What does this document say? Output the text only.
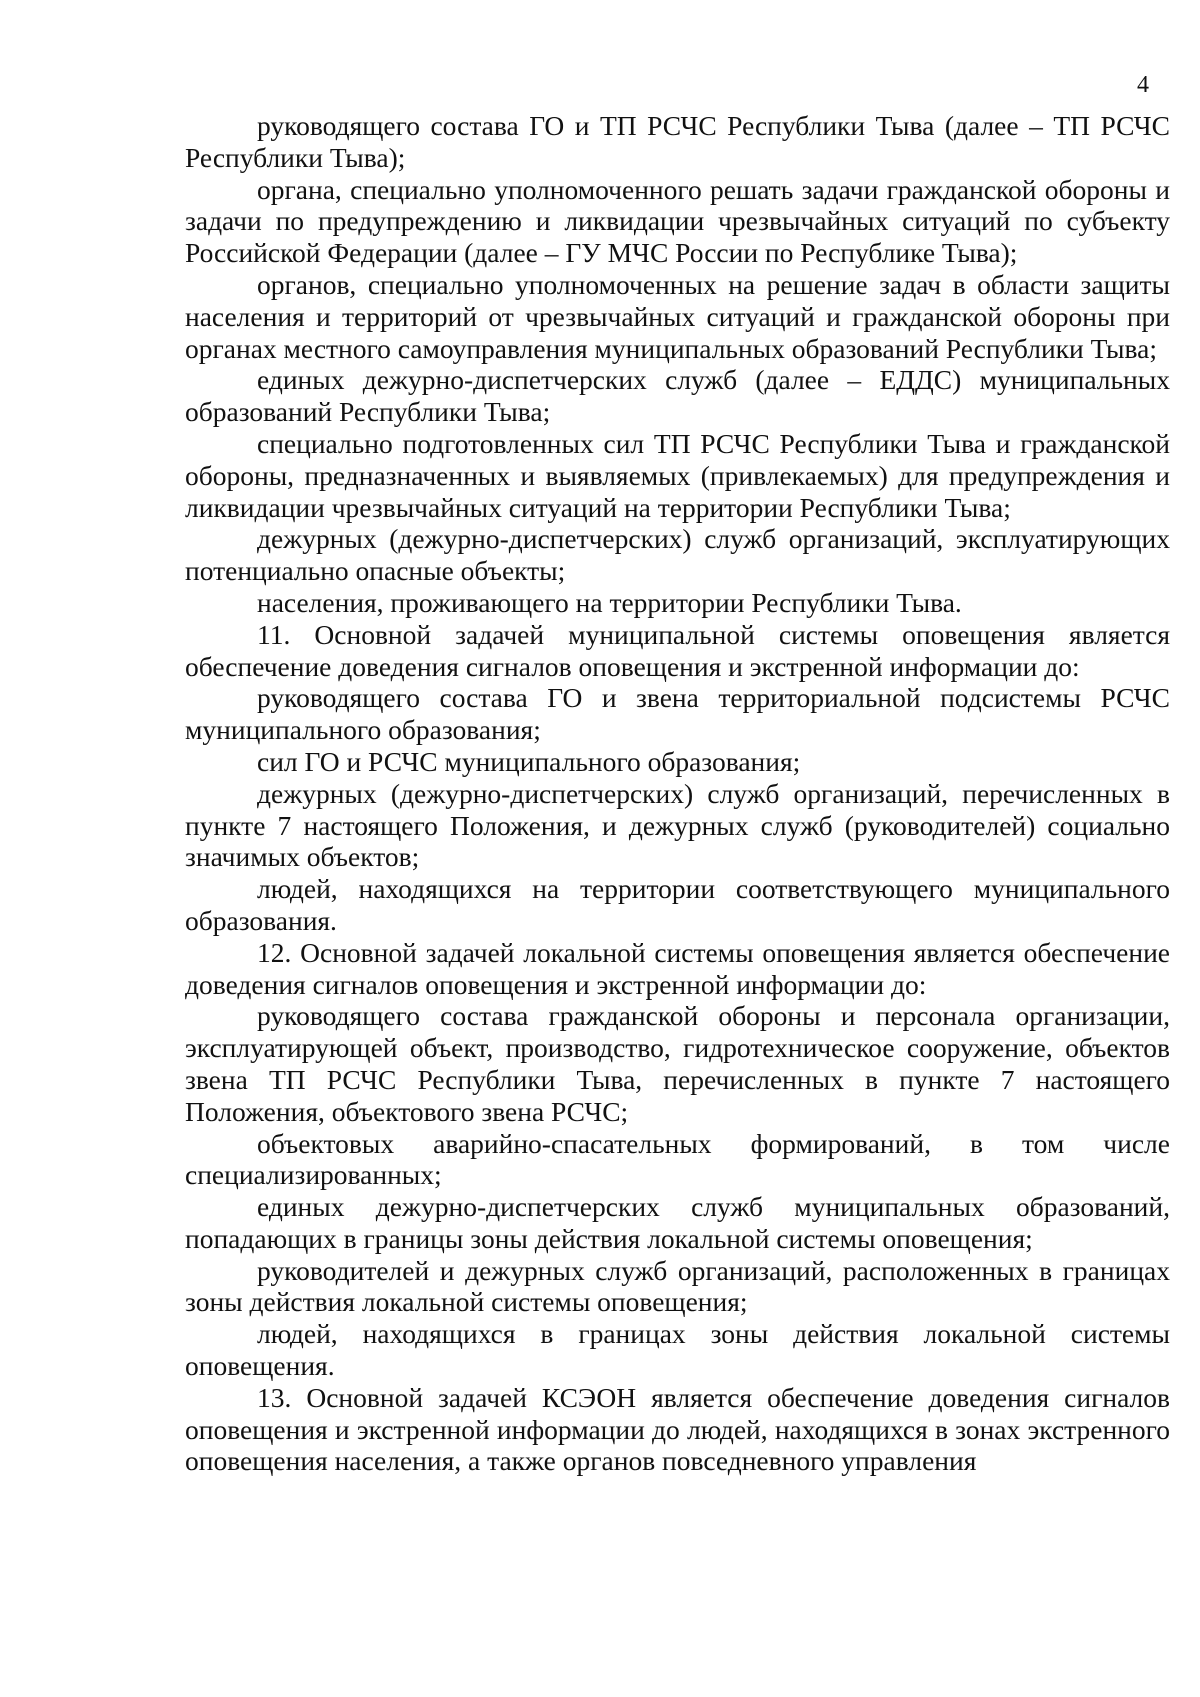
4

руководящего состава ГО и ТП РСЧС Республики Тыва (далее – ТП РСЧС Республики Тыва);

органа, специально уполномоченного решать задачи гражданской обороны и задачи по предупреждению и ликвидации чрезвычайных ситуаций по субъекту Российской Федерации (далее – ГУ МЧС России по Республике Тыва);

органов, специально уполномоченных на решение задач в области защиты населения и территорий от чрезвычайных ситуаций и гражданской обороны при органах местного самоуправления муниципальных образований Республики Тыва;

единых дежурно-диспетчерских служб (далее – ЕДДС) муниципальных образований Республики Тыва;

специально подготовленных сил ТП РСЧС Республики Тыва и гражданской обороны, предназначенных и выявляемых (привлекаемых) для предупреждения и ликвидации чрезвычайных ситуаций на территории Республики Тыва;

дежурных (дежурно-диспетчерских) служб организаций, эксплуатирующих потенциально опасные объекты;

населения, проживающего на территории Республики Тыва.

11. Основной задачей муниципальной системы оповещения является обеспечение доведения сигналов оповещения и экстренной информации до:

руководящего состава ГО и звена территориальной подсистемы РСЧС муниципального образования;

сил ГО и РСЧС муниципального образования;

дежурных (дежурно-диспетчерских) служб организаций, перечисленных в пункте 7 настоящего Положения, и дежурных служб (руководителей) социально значимых объектов;

людей, находящихся на территории соответствующего муниципального образования.

12. Основной задачей локальной системы оповещения является обеспечение доведения сигналов оповещения и экстренной информации до:

руководящего состава гражданской обороны и персонала организации, эксплуатирующей объект, производство, гидротехническое сооружение, объектов звена ТП РСЧС Республики Тыва, перечисленных в пункте 7 настоящего Положения, объектового звена РСЧС;

объектовых аварийно-спасательных формирований, в том числе специализированных;

единых дежурно-диспетчерских служб муниципальных образований, попадающих в границы зоны действия локальной системы оповещения;

руководителей и дежурных служб организаций, расположенных в границах зоны действия локальной системы оповещения;

людей, находящихся в границах зоны действия локальной системы оповещения.

13. Основной задачей КСЭОН является обеспечение доведения сигналов оповещения и экстренной информации до людей, находящихся в зонах экстренного оповещения населения, а также органов повседневного управления
